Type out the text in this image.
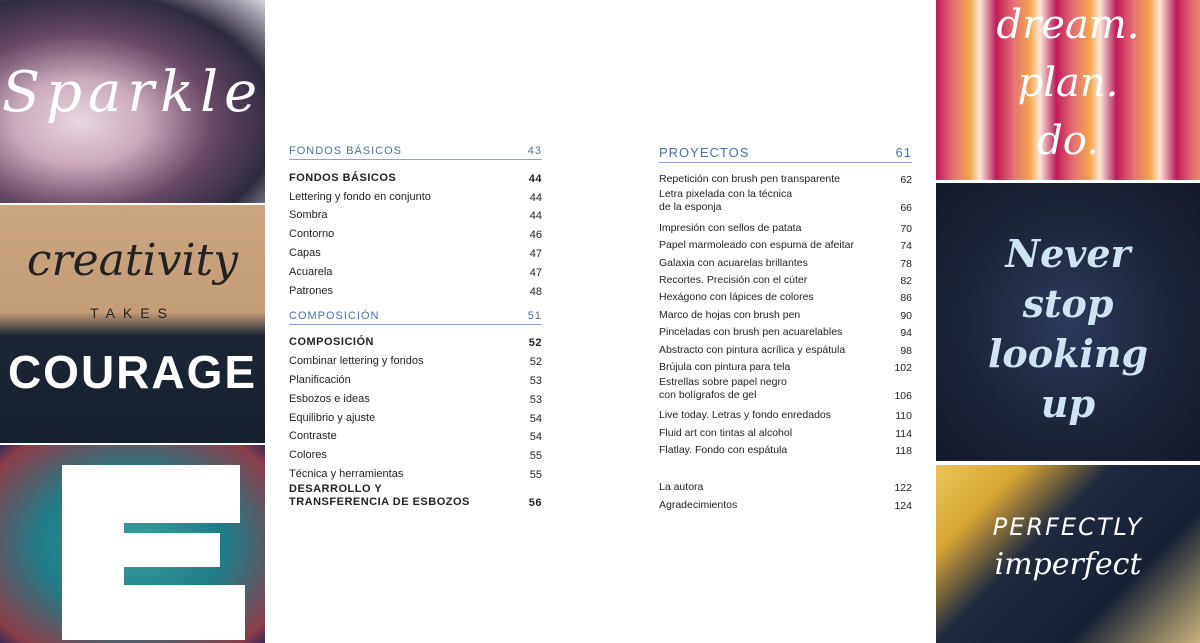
Sparkle
creativity
TAKES
COURAGE
FONDOS BÁSICOS	43
FONDOS BÁSICOS	44
Lettering y fondo en conjunto	44
Sombra	44
Contorno	46
Capas	47
Acuarela	47
Patrones	48
COMPOSICIÓN	51
COMPOSICIÓN	52
Combinar lettering y fondos	52
Planificación	53
Esbozos e ideas	53
Equilibrio y ajuste	54
Contraste	54
Colores	55
Técnica y herramientas	55
DESARROLLO Y
TRANSFERENCIA DE ESBOZOS	56
PROYECTOS	61
Repetición con brush pen transparente	62
Letra pixelada con la técnica
de la esponja	66
Impresión con sellos de patata	70
Papel marmoleado con espuma de afeitar	74
Galaxia con acuarelas brillantes	78
Recortes. Precisión con el cúter	82
Hexágono con lápices de colores	86
Marco de hojas con brush pen	90
Pinceladas con brush pen acuarelables	94
Abstracto con pintura acrílica y espátula	98
Brújula con pintura para tela	102
Estrellas sobre papel negro
con bolígrafos de gel	106
Live today. Letras y fondo enredados	110
Fluid art con tintas al alcohol	114
Flatlay. Fondo con espátula	118
La autora	122
Agradecimientos	124
dream.
plan.
do.
Never
stop
looking
up
PERFECTLY
imperfect
